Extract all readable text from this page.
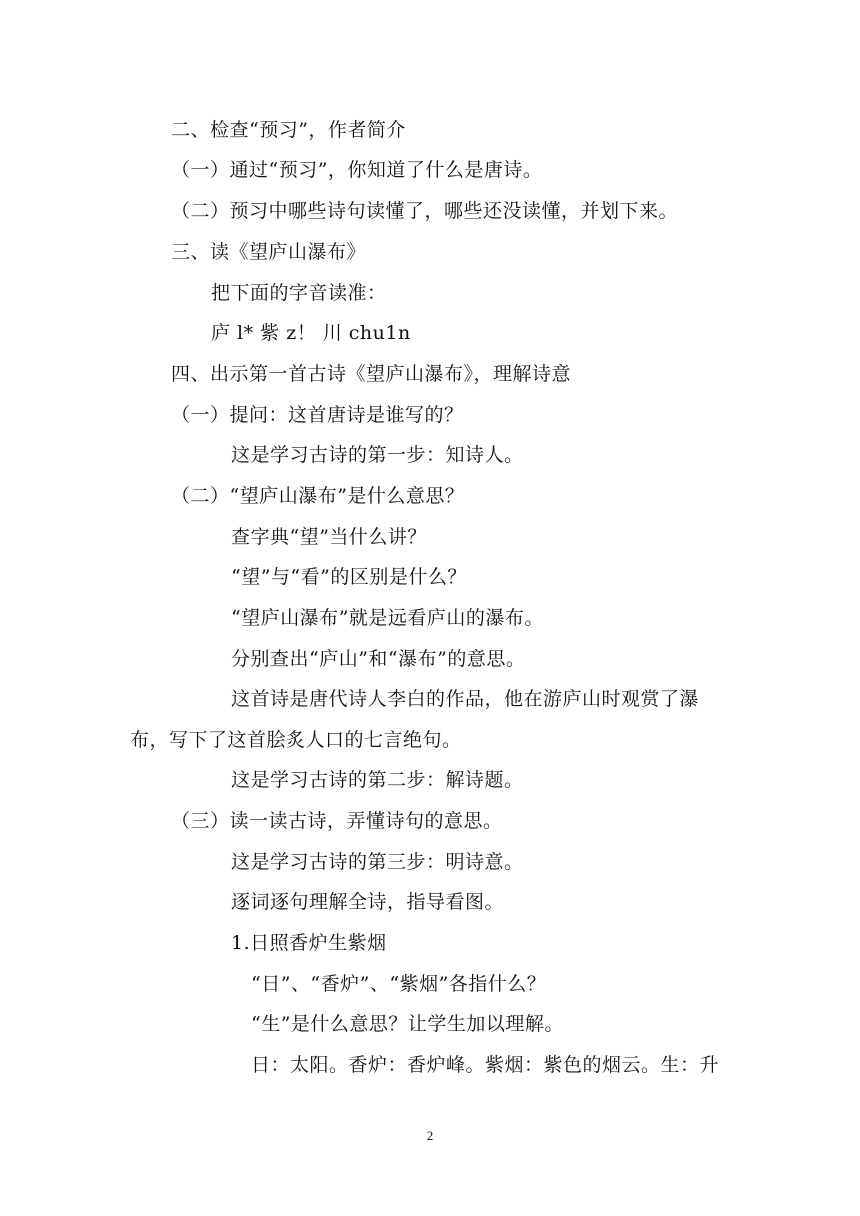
二、检查“预习”，作者简介
（一）通过“预习”，你知道了什么是唐诗。
（二）预习中哪些诗句读懂了，哪些还没读懂，并划下来。
三、读《望庐山瀑布》
把下面的字音读准：
庐 l* 紫 z！ 川 chu1n
四、出示第一首古诗《望庐山瀑布》，理解诗意
（一）提问：这首唐诗是谁写的？
这是学习古诗的第一步：知诗人。
（二）“望庐山瀑布”是什么意思？
查字典“望”当什么讲？
“望”与“看”的区别是什么？
“望庐山瀑布”就是远看庐山的瀑布。
分别查出“庐山”和“瀑布”的意思。
这首诗是唐代诗人李白的作品，他在游庐山时观赏了瀑
布，写下了这首脍炙人口的七言绝句。
这是学习古诗的第二步：解诗题。
（三）读一读古诗，弄懂诗句的意思。
这是学习古诗的第三步：明诗意。
逐词逐句理解全诗，指导看图。
1.日照香炉生紫烟
“日”、“香炉”、“紫烟”各指什么？
“生”是什么意思？让学生加以理解。
日：太阳。香炉：香炉峰。紫烟：紫色的烟云。生：升
2
